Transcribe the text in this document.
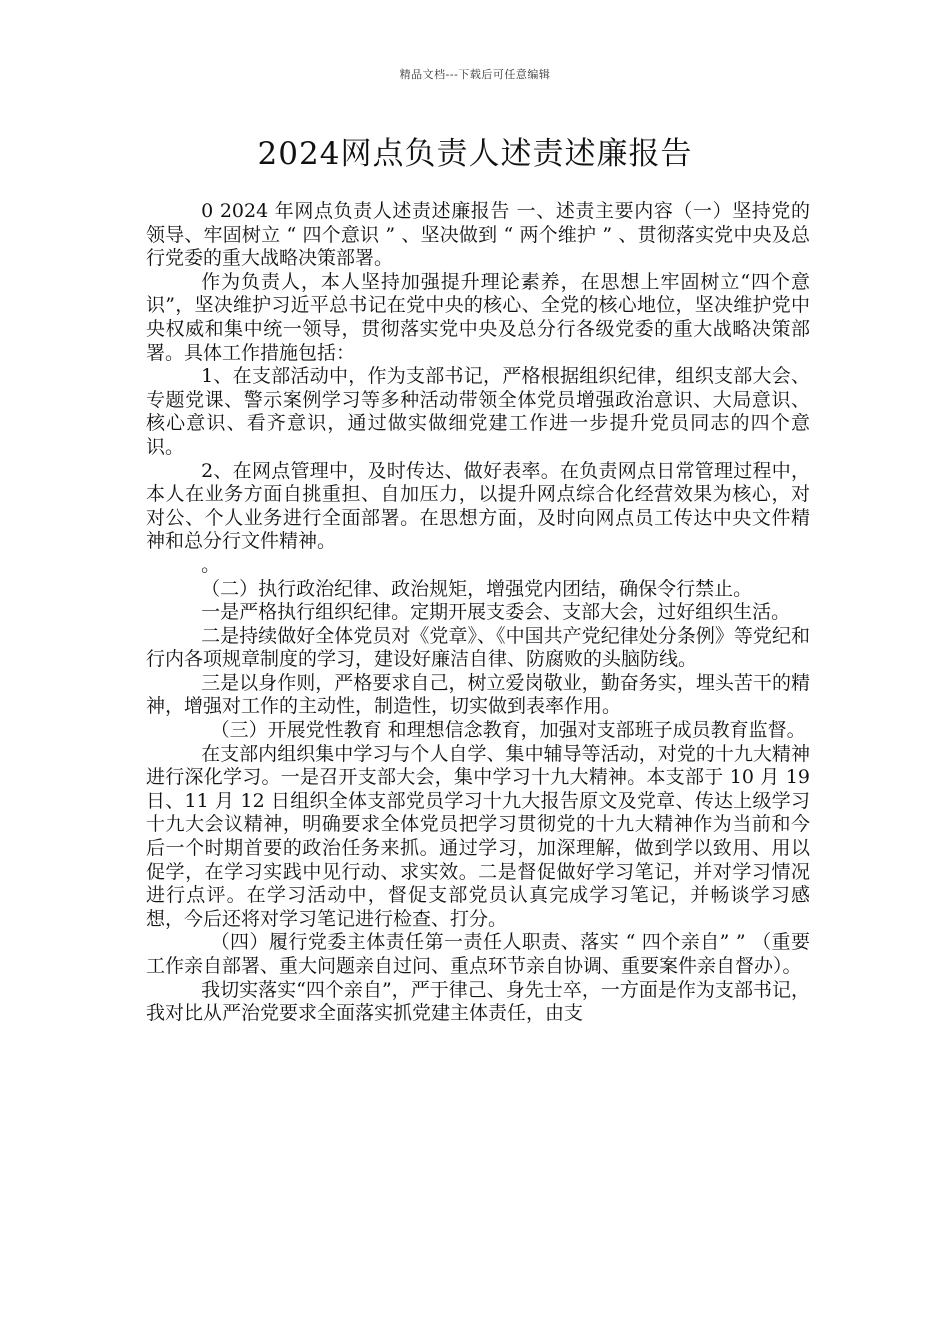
精品文档---下载后可任意编辑
2024网点负责人述责述廉报告

0 2024 年网点负责人述责述廉报告 一、述责主要内容（一）坚持党的领导、牢固树立 “ 四个意识 ” 、坚决做到 “ 两个维护 ” 、贯彻落实党中央及总行党委的重大战略决策部署。

作为负责人，本人坚持加强提升理论素养，在思想上牢固树立“四个意识”，坚决维护习近平总书记在党中央的核心、全党的核心地位，坚决维护党中央权威和集中统一领导，贯彻落实党中央及总分行各级党委的重大战略决策部署。具体工作措施包括：

1、在支部活动中，作为支部书记，严格根据组织纪律，组织支部大会、专题党课、警示案例学习等多种活动带领全体党员增强政治意识、大局意识、核心意识、看齐意识，通过做实做细党建工作进一步提升党员同志的四个意识。

2、在网点管理中，及时传达、做好表率。在负责网点日常管理过程中，本人在业务方面自挑重担、自加压力，以提升网点综合化经营效果为核心，对对公、个人业务进行全面部署。在思想方面，及时向网点员工传达中央文件精神和总分行文件精神。

。

（二）执行政治纪律、政治规矩，增强党内团结，确保令行禁止。

一是严格执行组织纪律。定期开展支委会、支部大会，过好组织生活。

二是持续做好全体党员对《党章》、《中国共产党纪律处分条例》等党纪和行内各项规章制度的学习，建设好廉洁自律、防腐败的头脑防线。

三是以身作则，严格要求自己，树立爱岗敬业，勤奋务实，埋头苦干的精神，增强对工作的主动性，制造性，切实做到表率作用。

（三）开展党性教育 和理想信念教育，加强对支部班子成员教育监督。

在支部内组织集中学习与个人自学、集中辅导等活动，对党的十九大精神进行深化学习。一是召开支部大会，集中学习十九大精神。本支部于 10 月 19 日、11 月 12 日组织全体支部党员学习十九大报告原文及党章、传达上级学习十九大会议精神，明确要求全体党员把学习贯彻党的十九大精神作为当前和今后一个时期首要的政治任务来抓。通过学习，加深理解，做到学以致用、用以促学，在学习实践中见行动、求实效。二是督促做好学习笔记，并对学习情况进行点评。在学习活动中，督促支部党员认真完成学习笔记，并畅谈学习感想，今后还将对学习笔记进行检查、打分。

（四）履行党委主体责任第一责任人职责、落实 “ 四个亲自” ” （重要工作亲自部署、重大问题亲自过问、重点环节亲自协调、重要案件亲自督办）。

我切实落实“四个亲自”，严于律己、身先士卒，一方面是作为支部书记，我对比从严治党要求全面落实抓党建主体责任，由支
